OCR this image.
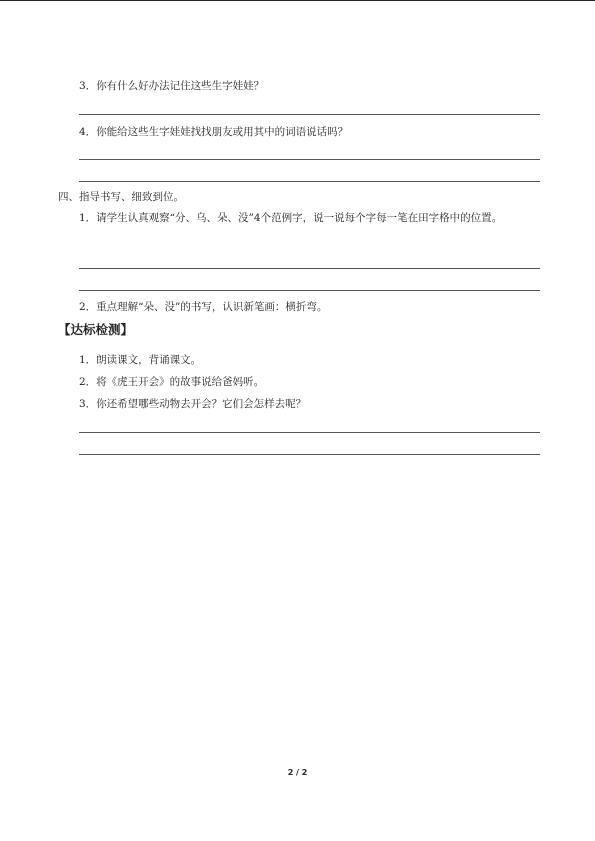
3．你有什么好办法记住这些生字娃娃？
4．你能给这些生字娃娃找找朋友或用其中的词语说话吗？
四、指导书写、细致到位。
1．请学生认真观察“分、乌、朵、没”4个范例字，说一说每个字每一笔在田字格中的位置。
2．重点理解“朵、没”的书写，认识新笔画：横折弯。
【达标检测】
1．朗读课文，背诵课文。
2．将《虎王开会》的故事说给爸妈听。
3．你还希望哪些动物去开会？它们会怎样去呢？
2 / 2
